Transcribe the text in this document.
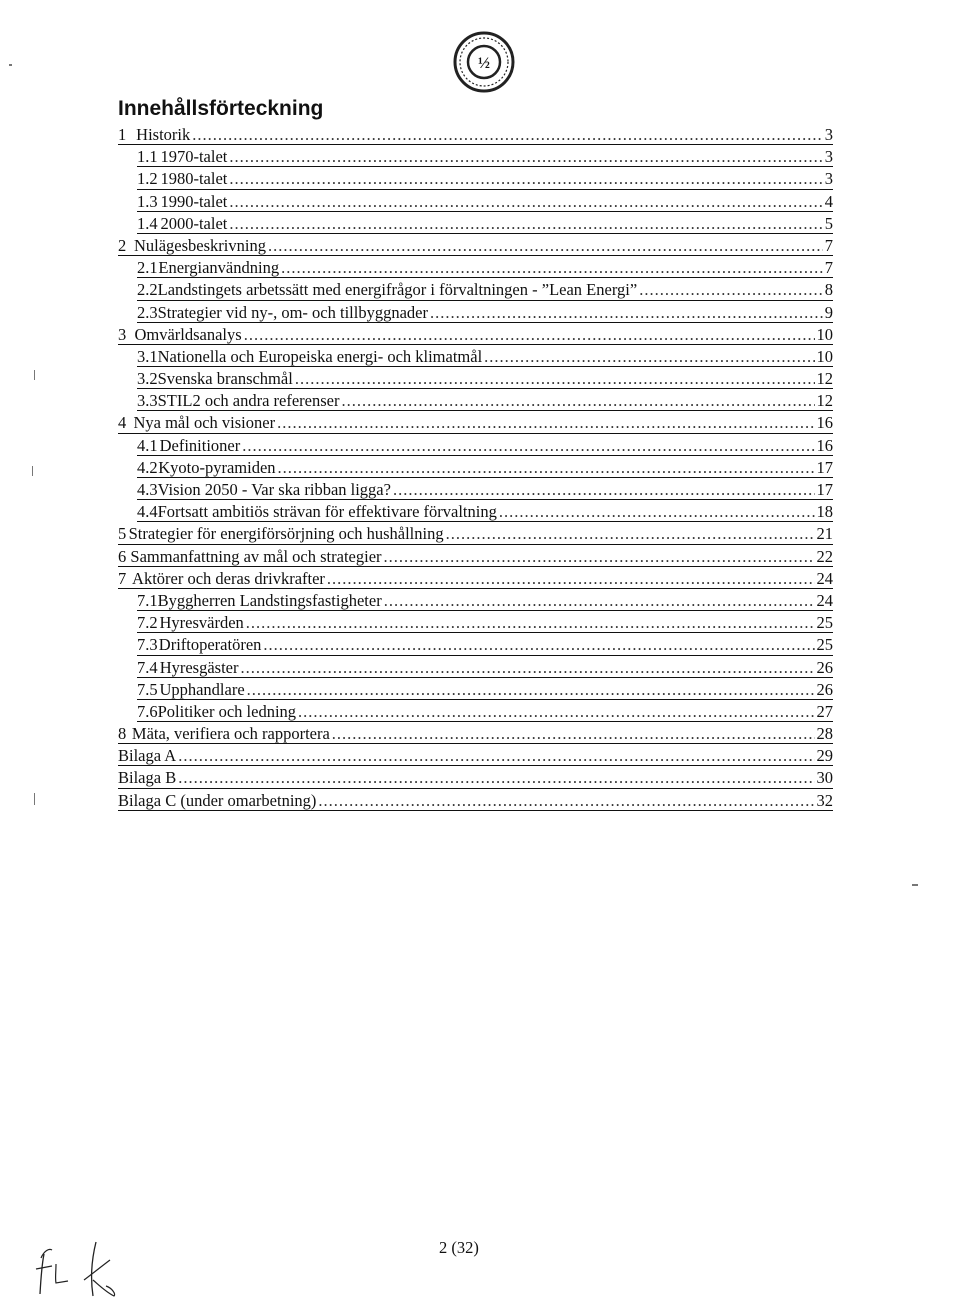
½
Innehållsförteckning
1 Historik .....	3
1.1 1970-talet .....	3
1.2 1980-talet .....	3
1.3 1990-talet .....	4
1.4 2000-talet .....	5
2 Nulägesbeskrivning .....	7
2.1 Energianvändning .....	7
2.2 Landstingets arbetssätt med energifrågor i förvaltningen - ”Lean Energi” .....	8
2.3 Strategier vid ny-, om- och tillbyggnader .....	9
3 Omvärldsanalys .....	10
3.1 Nationella och Europeiska energi- och klimatmål .....	10
3.2 Svenska branschmål .....	12
3.3 STIL2 och andra referenser .....	12
4 Nya mål och visioner .....	16
4.1 Definitioner .....	16
4.2 Kyoto-pyramiden .....	17
4.3 Vision 2050 - Var ska ribban ligga? .....	17
4.4 Fortsatt ambitiös strävan för effektivare förvaltning .....	18
5 Strategier för energiförsörjning och hushållning .....	21
6 Sammanfattning av mål och strategier .....	22
7 Aktörer och deras drivkrafter .....	24
7.1 Byggherren Landstingsfastigheter .....	24
7.2 Hyresvärden .....	25
7.3 Driftoperatören .....	25
7.4 Hyresgäster .....	26
7.5 Upphandlare .....	26
7.6 Politiker och ledning .....	27
8 Mäta, verifiera och rapportera .....	28
Bilaga A .....	29
Bilaga B .....	30
Bilaga C (under omarbetning) .....	32
2 (32)
